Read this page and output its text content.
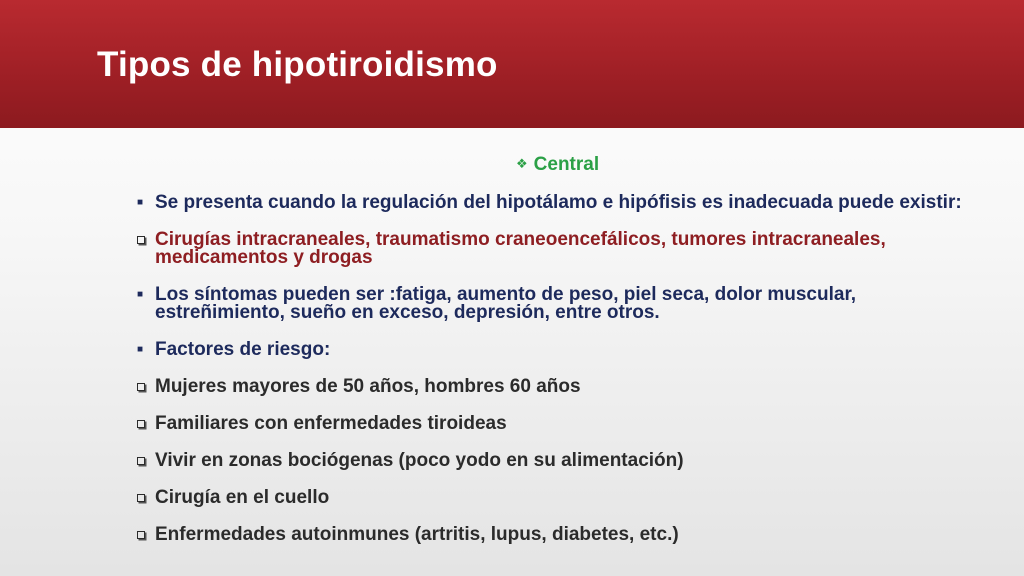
Tipos de hipotiroidismo
❖ Central
■ Se presenta cuando la regulación del hipotálamo e hipófisis es inadecuada puede existir:
Cirugías intracraneales, traumatismo craneoencefálicos, tumores intracraneales,
medicamentos y drogas
■ Los síntomas pueden ser :fatiga, aumento de peso, piel seca, dolor muscular,
estreñimiento, sueño en exceso, depresión, entre otros.
■ Factores de riesgo:
Mujeres mayores de 50 años, hombres 60 años
Familiares con enfermedades tiroideas
Vivir en zonas bociógenas (poco yodo en su alimentación)
Cirugía en el cuello
Enfermedades autoinmunes (artritis, lupus, diabetes, etc.)
